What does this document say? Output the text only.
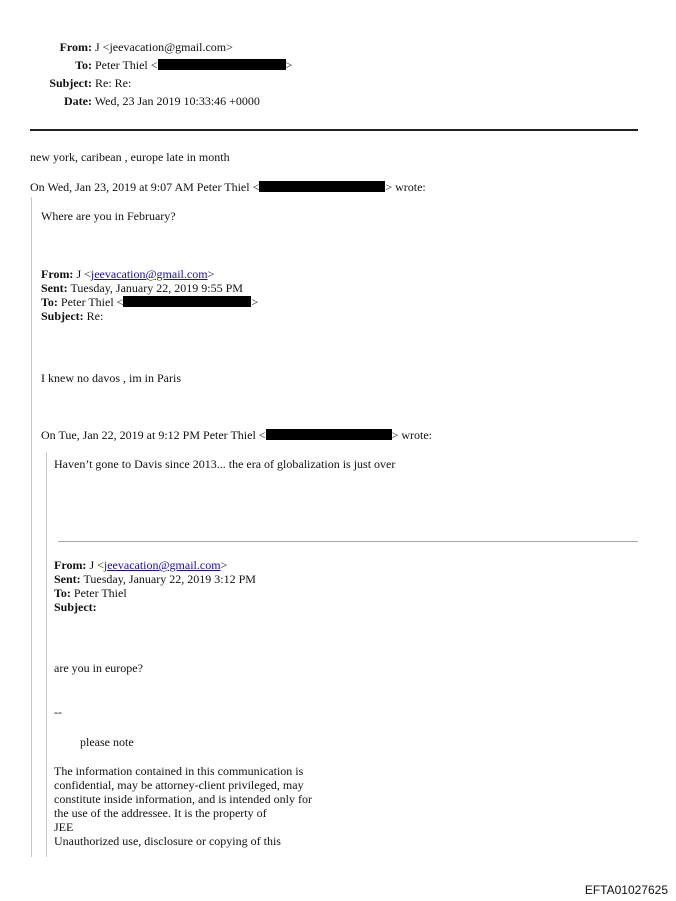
From: J <jeevacation@gmail.com>
To: Peter Thiel <	>
Subject: Re: Re:
Date: Wed, 23 Jan 2019 10:33:46 +0000
new york, caribean , europe late in month
On Wed, Jan 23, 2019 at 9:07 AM Peter Thiel <	> wrote:
Where are you in February?
From: J <jeevacation@gmail.com>
Sent: Tuesday, January 22, 2019 9:55 PM
To: Peter Thiel <	>
Subject: Re:
I knew no davos , im in Paris
On Tue, Jan 22, 2019 at 9:12 PM Peter Thiel <	> wrote:
Haven’t gone to Davis since 2013... the era of globalization is just over
From: J <jeevacation@gmail.com>
Sent: Tuesday, January 22, 2019 3:12 PM
To: Peter Thiel
Subject:
are you in europe?
--
please note
The information contained in this communication is
confidential, may be attorney-client privileged, may
constitute inside information, and is intended only for
the use of the addressee. It is the property of
JEE
Unauthorized use, disclosure or copying of this
EFTA01027625
